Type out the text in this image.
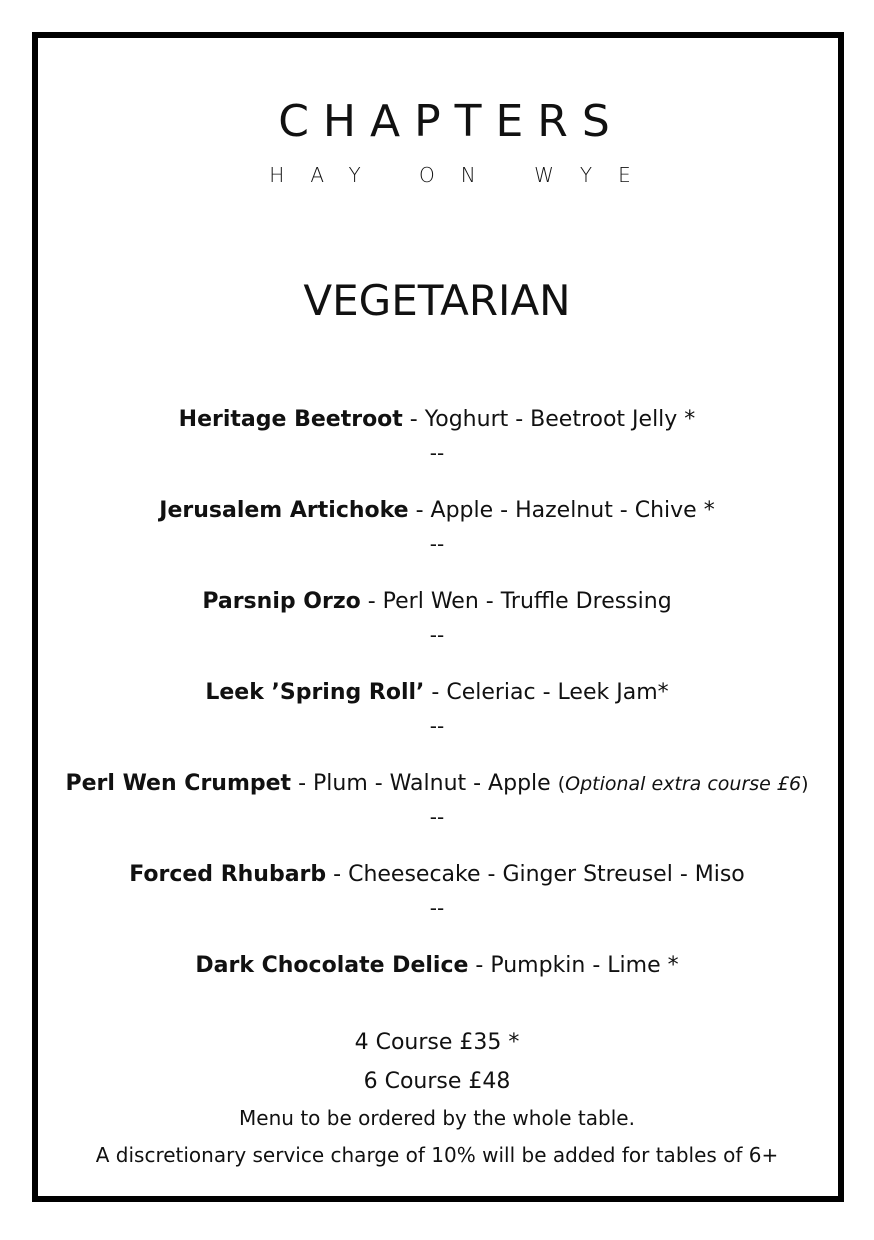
CHAPTERS
HAY ON WYE
VEGETARIAN
Heritage Beetroot - Yoghurt - Beetroot Jelly *
--
Jerusalem Artichoke - Apple - Hazelnut - Chive *
--
Parsnip Orzo - Perl Wen - Truffle Dressing
--
Leek ’Spring Roll’ - Celeriac - Leek Jam*
--
Perl Wen Crumpet - Plum - Walnut - Apple (Optional extra course £6)
--
Forced Rhubarb - Cheesecake - Ginger Streusel - Miso
--
Dark Chocolate Delice - Pumpkin - Lime *
4 Course £35 *
6 Course £48
Menu to be ordered by the whole table.
A discretionary service charge of 10% will be added for tables of 6+
